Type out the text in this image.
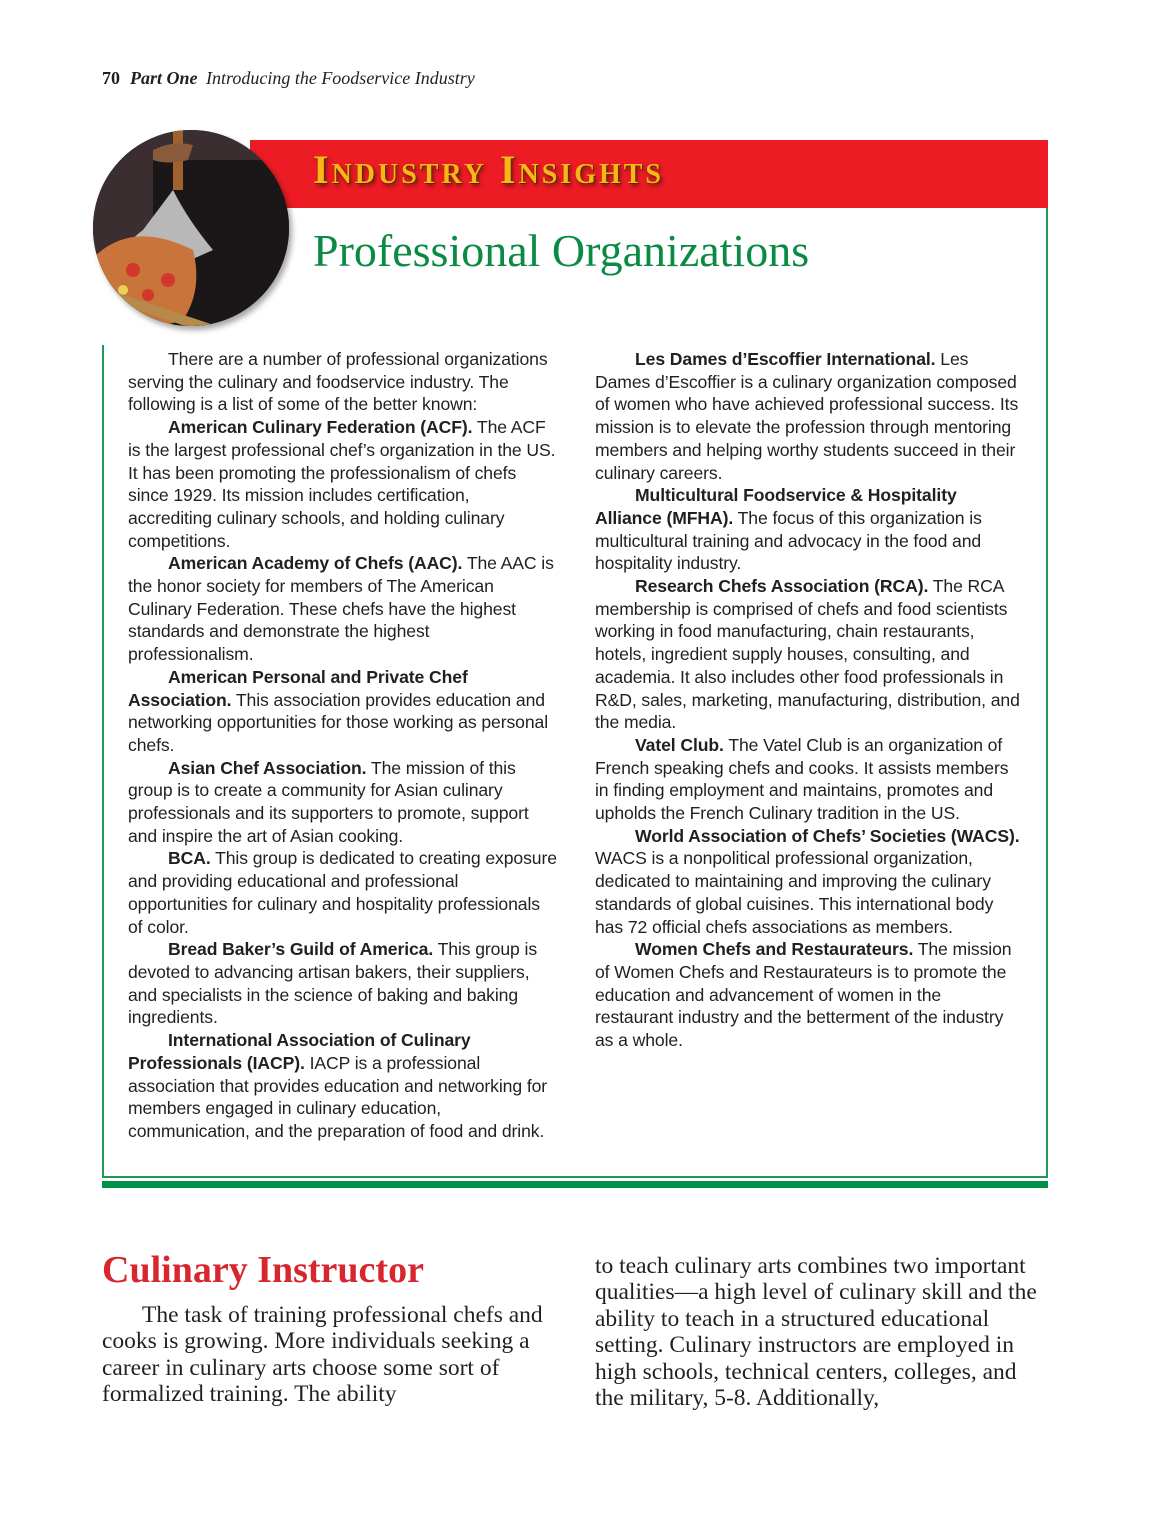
70 Part One Introducing the Foodservice Industry
Industry Insights
Professional Organizations

There are a number of professional organizations serving the culinary and foodservice industry. The following is a list of some of the better known:

American Culinary Federation (ACF). The ACF is the largest professional chef’s organization in the US. It has been promoting the professionalism of chefs since 1929. Its mission includes certification, accrediting culinary schools, and holding culinary competitions.

American Academy of Chefs (AAC). The AAC is the honor society for members of The American Culinary Federation. These chefs have the highest standards and demonstrate the highest professionalism.

American Personal and Private Chef Association. This association provides education and networking opportunities for those working as personal chefs.

Asian Chef Association. The mission of this group is to create a community for Asian culinary professionals and its supporters to promote, support and inspire the art of Asian cooking.

BCA. This group is dedicated to creating exposure and providing educational and professional opportunities for culinary and hospitality professionals of color.

Bread Baker’s Guild of America. This group is devoted to advancing artisan bakers, their suppliers, and specialists in the science of baking and baking ingredients.

International Association of Culinary Professionals (IACP). IACP is a professional association that provides education and networking for members engaged in culinary education, communication, and the preparation of food and drink.

Les Dames d’Escoffier International. Les Dames d’Escoffier is a culinary organization composed of women who have achieved professional success. Its mission is to elevate the profession through mentoring members and helping worthy students succeed in their culinary careers.

Multicultural Foodservice & Hospitality Alliance (MFHA). The focus of this organization is multicultural training and advocacy in the food and hospitality industry.

Research Chefs Association (RCA). The RCA membership is comprised of chefs and food scientists working in food manufacturing, chain restaurants, hotels, ingredient supply houses, consulting, and academia. It also includes other food professionals in R&D, sales, marketing, manufacturing, distribution, and the media.

Vatel Club. The Vatel Club is an organization of French speaking chefs and cooks. It assists members in finding employment and maintains, promotes and upholds the French Culinary tradition in the US.

World Association of Chefs’ Societies (WACS). WACS is a nonpolitical professional organization, dedicated to maintaining and improving the culinary standards of global cuisines. This international body has 72 official chefs associations as members.

Women Chefs and Restaurateurs. The mission of Women Chefs and Restaurateurs is to promote the education and advancement of women in the restaurant industry and the betterment of the industry as a whole.

Culinary Instructor
The task of training professional chefs and cooks is growing. More individuals seeking a career in culinary arts choose some sort of formalized training. The ability
to teach culinary arts combines two important qualities—a high level of culinary skill and the ability to teach in a structured educational setting. Culinary instructors are employed in high schools, technical centers, colleges, and the military, 5-8. Additionally,
